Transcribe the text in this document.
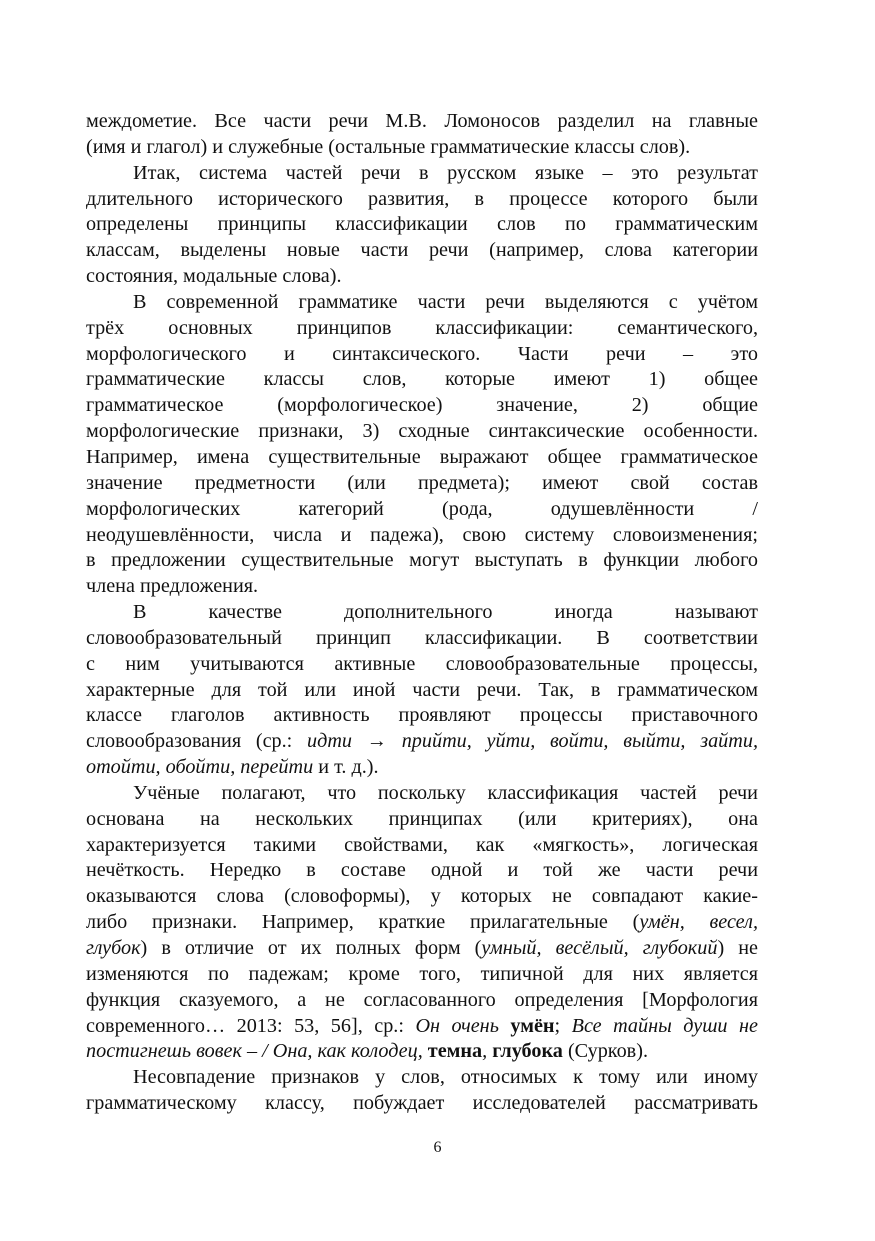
междометие. Все части речи М.В. Ломоносов разделил на главные
(имя и глагол) и служебные (остальные грамматические классы слов).
Итак, система частей речи в русском языке – это результат
длительного исторического развития, в процессе которого были
определены принципы классификации слов по грамматическим
классам, выделены новые части речи (например, слова категории
состояния, модальные слова).
В современной грамматике части речи выделяются с учётом
трёх основных принципов классификации: семантического,
морфологического и синтаксического. Части речи – это
грамматические классы слов, которые имеют 1) общее
грамматическое (морфологическое) значение, 2) общие
морфологические признаки, 3) сходные синтаксические особенности.
Например, имена существительные выражают общее грамматическое
значение предметности (или предмета); имеют свой состав
морфологических категорий (рода, одушевлённости /
неодушевлённости, числа и падежа), свою систему словоизменения;
в предложении существительные могут выступать в функции любого
члена предложения.
В качестве дополнительного иногда называют
словообразовательный принцип классификации. В соответствии
с ним учитываются активные словообразовательные процессы,
характерные для той или иной части речи. Так, в грамматическом
классе глаголов активность проявляют процессы приставочного
словообразования (ср.: идти → прийти, уйти, войти, выйти, зайти,
отойти, обойти, перейти и т. д.).
Учёные полагают, что поскольку классификация частей речи
основана на нескольких принципах (или критериях), она
характеризуется такими свойствами, как «мягкость», логическая
нечёткость. Нередко в составе одной и той же части речи
оказываются слова (словоформы), у которых не совпадают какие-
либо признаки. Например, краткие прилагательные (умён, весел,
глубок) в отличие от их полных форм (умный, весёлый, глубокий) не
изменяются по падежам; кроме того, типичной для них является
функция сказуемого, а не согласованного определения [Морфология
современного… 2013: 53, 56], ср.: Он очень умён; Все тайны души не
постигнешь вовек – / Она, как колодец, темна, глубока (Сурков).
Несовпадение признаков у слов, относимых к тому или иному
грамматическому классу, побуждает исследователей рассматривать
6
